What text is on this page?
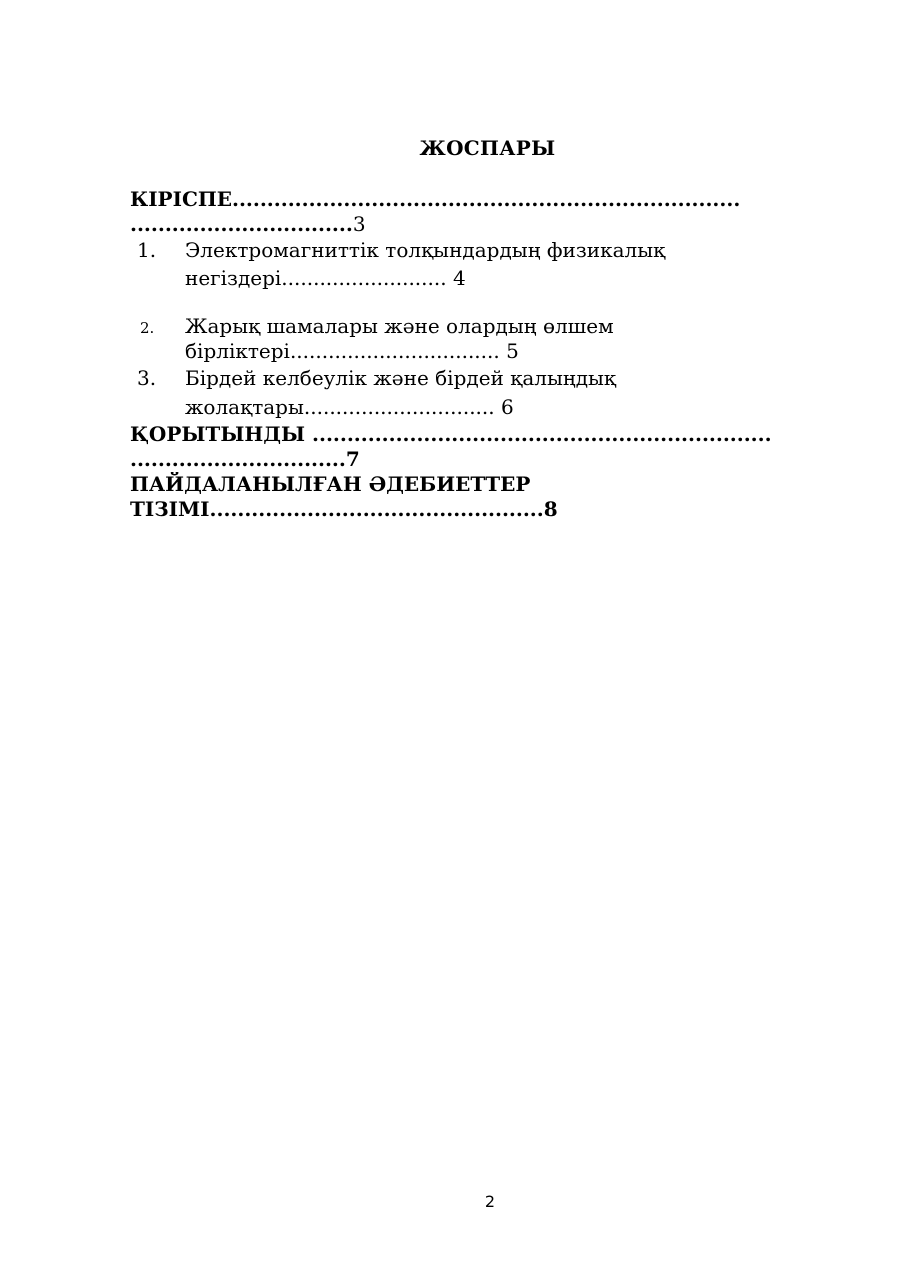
ЖОСПАРЫ
КІРІСПЕ.........................................................................
................................3
1.	Электромагниттік толқындардың физикалық
негіздері.......................... 4
2.	Жарық шамалары және олардың өлшем
бірліктері................................. 5
3.	Бірдей келбеулік және бірдей қалыңдық
жолақтары.............................. 6
ҚОРЫТЫНДЫ ..................................................................
...............................7
ПАЙДАЛАНЫЛҒАН ӘДЕБИЕТТЕР
ТІЗІМІ................................................8
2
